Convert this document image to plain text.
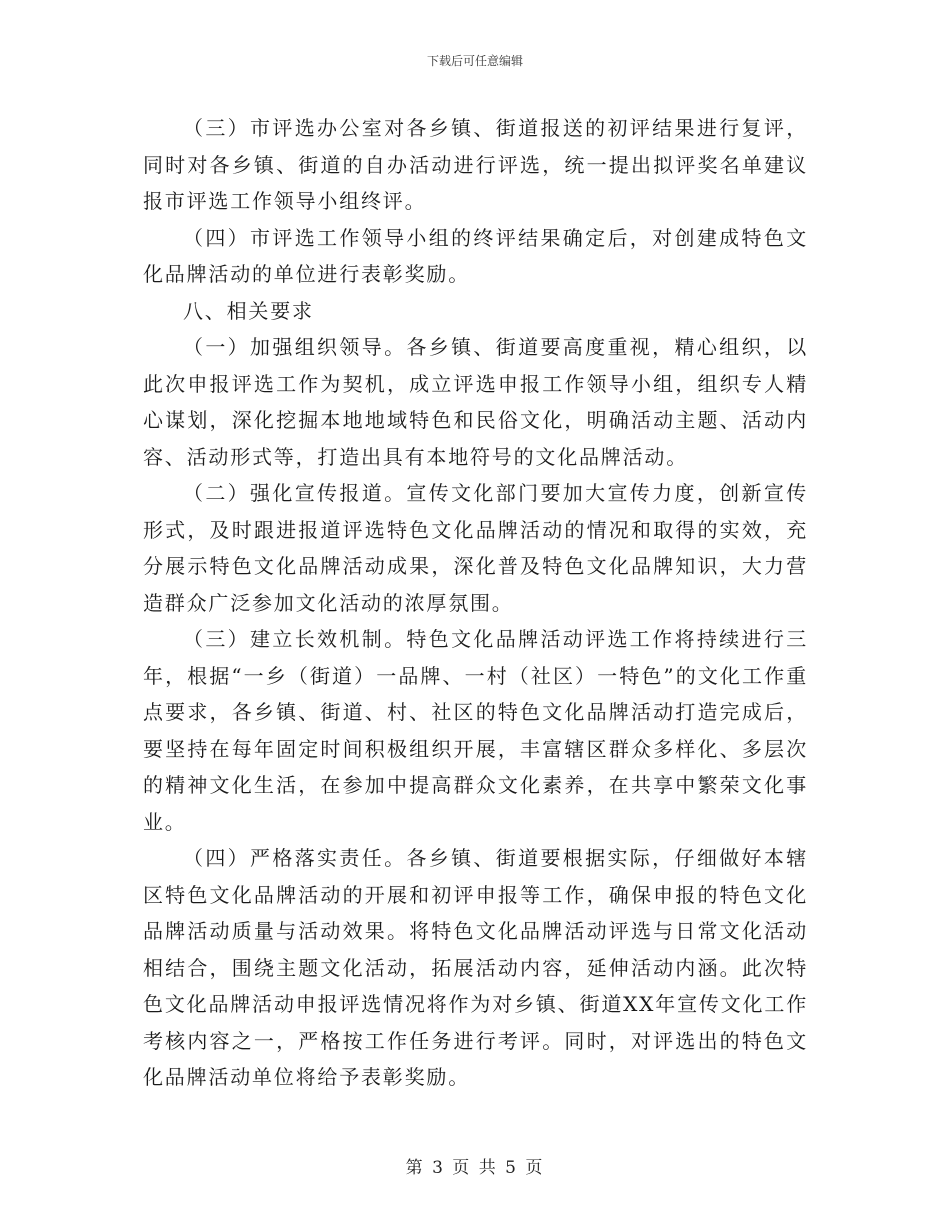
下载后可任意编辑

（三）市评选办公室对各乡镇、街道报送的初评结果进行复评，同时对各乡镇、街道的自办活动进行评选，统一提出拟评奖名单建议报市评选工作领导小组终评。

（四）市评选工作领导小组的终评结果确定后，对创建成特色文化品牌活动的单位进行表彰奖励。

八、相关要求

（一）加强组织领导。各乡镇、街道要高度重视，精心组织，以此次申报评选工作为契机，成立评选申报工作领导小组，组织专人精心谋划，深化挖掘本地地域特色和民俗文化，明确活动主题、活动内容、活动形式等，打造出具有本地符号的文化品牌活动。

（二）强化宣传报道。宣传文化部门要加大宣传力度，创新宣传形式，及时跟进报道评选特色文化品牌活动的情况和取得的实效，充分展示特色文化品牌活动成果，深化普及特色文化品牌知识，大力营造群众广泛参加文化活动的浓厚氛围。

（三）建立长效机制。特色文化品牌活动评选工作将持续进行三年，根据“一乡（街道）一品牌、一村（社区）一特色”的文化工作重点要求，各乡镇、街道、村、社区的特色文化品牌活动打造完成后，要坚持在每年固定时间积极组织开展，丰富辖区群众多样化、多层次的精神文化生活，在参加中提高群众文化素养，在共享中繁荣文化事业。

（四）严格落实责任。各乡镇、街道要根据实际，仔细做好本辖区特色文化品牌活动的开展和初评申报等工作，确保申报的特色文化品牌活动质量与活动效果。将特色文化品牌活动评选与日常文化活动相结合，围绕主题文化活动，拓展活动内容，延伸活动内涵。此次特色文化品牌活动申报评选情况将作为对乡镇、街道XX年宣传文化工作考核内容之一，严格按工作任务进行考评。同时，对评选出的特色文化品牌活动单位将给予表彰奖励。

第 3 页 共 5 页
